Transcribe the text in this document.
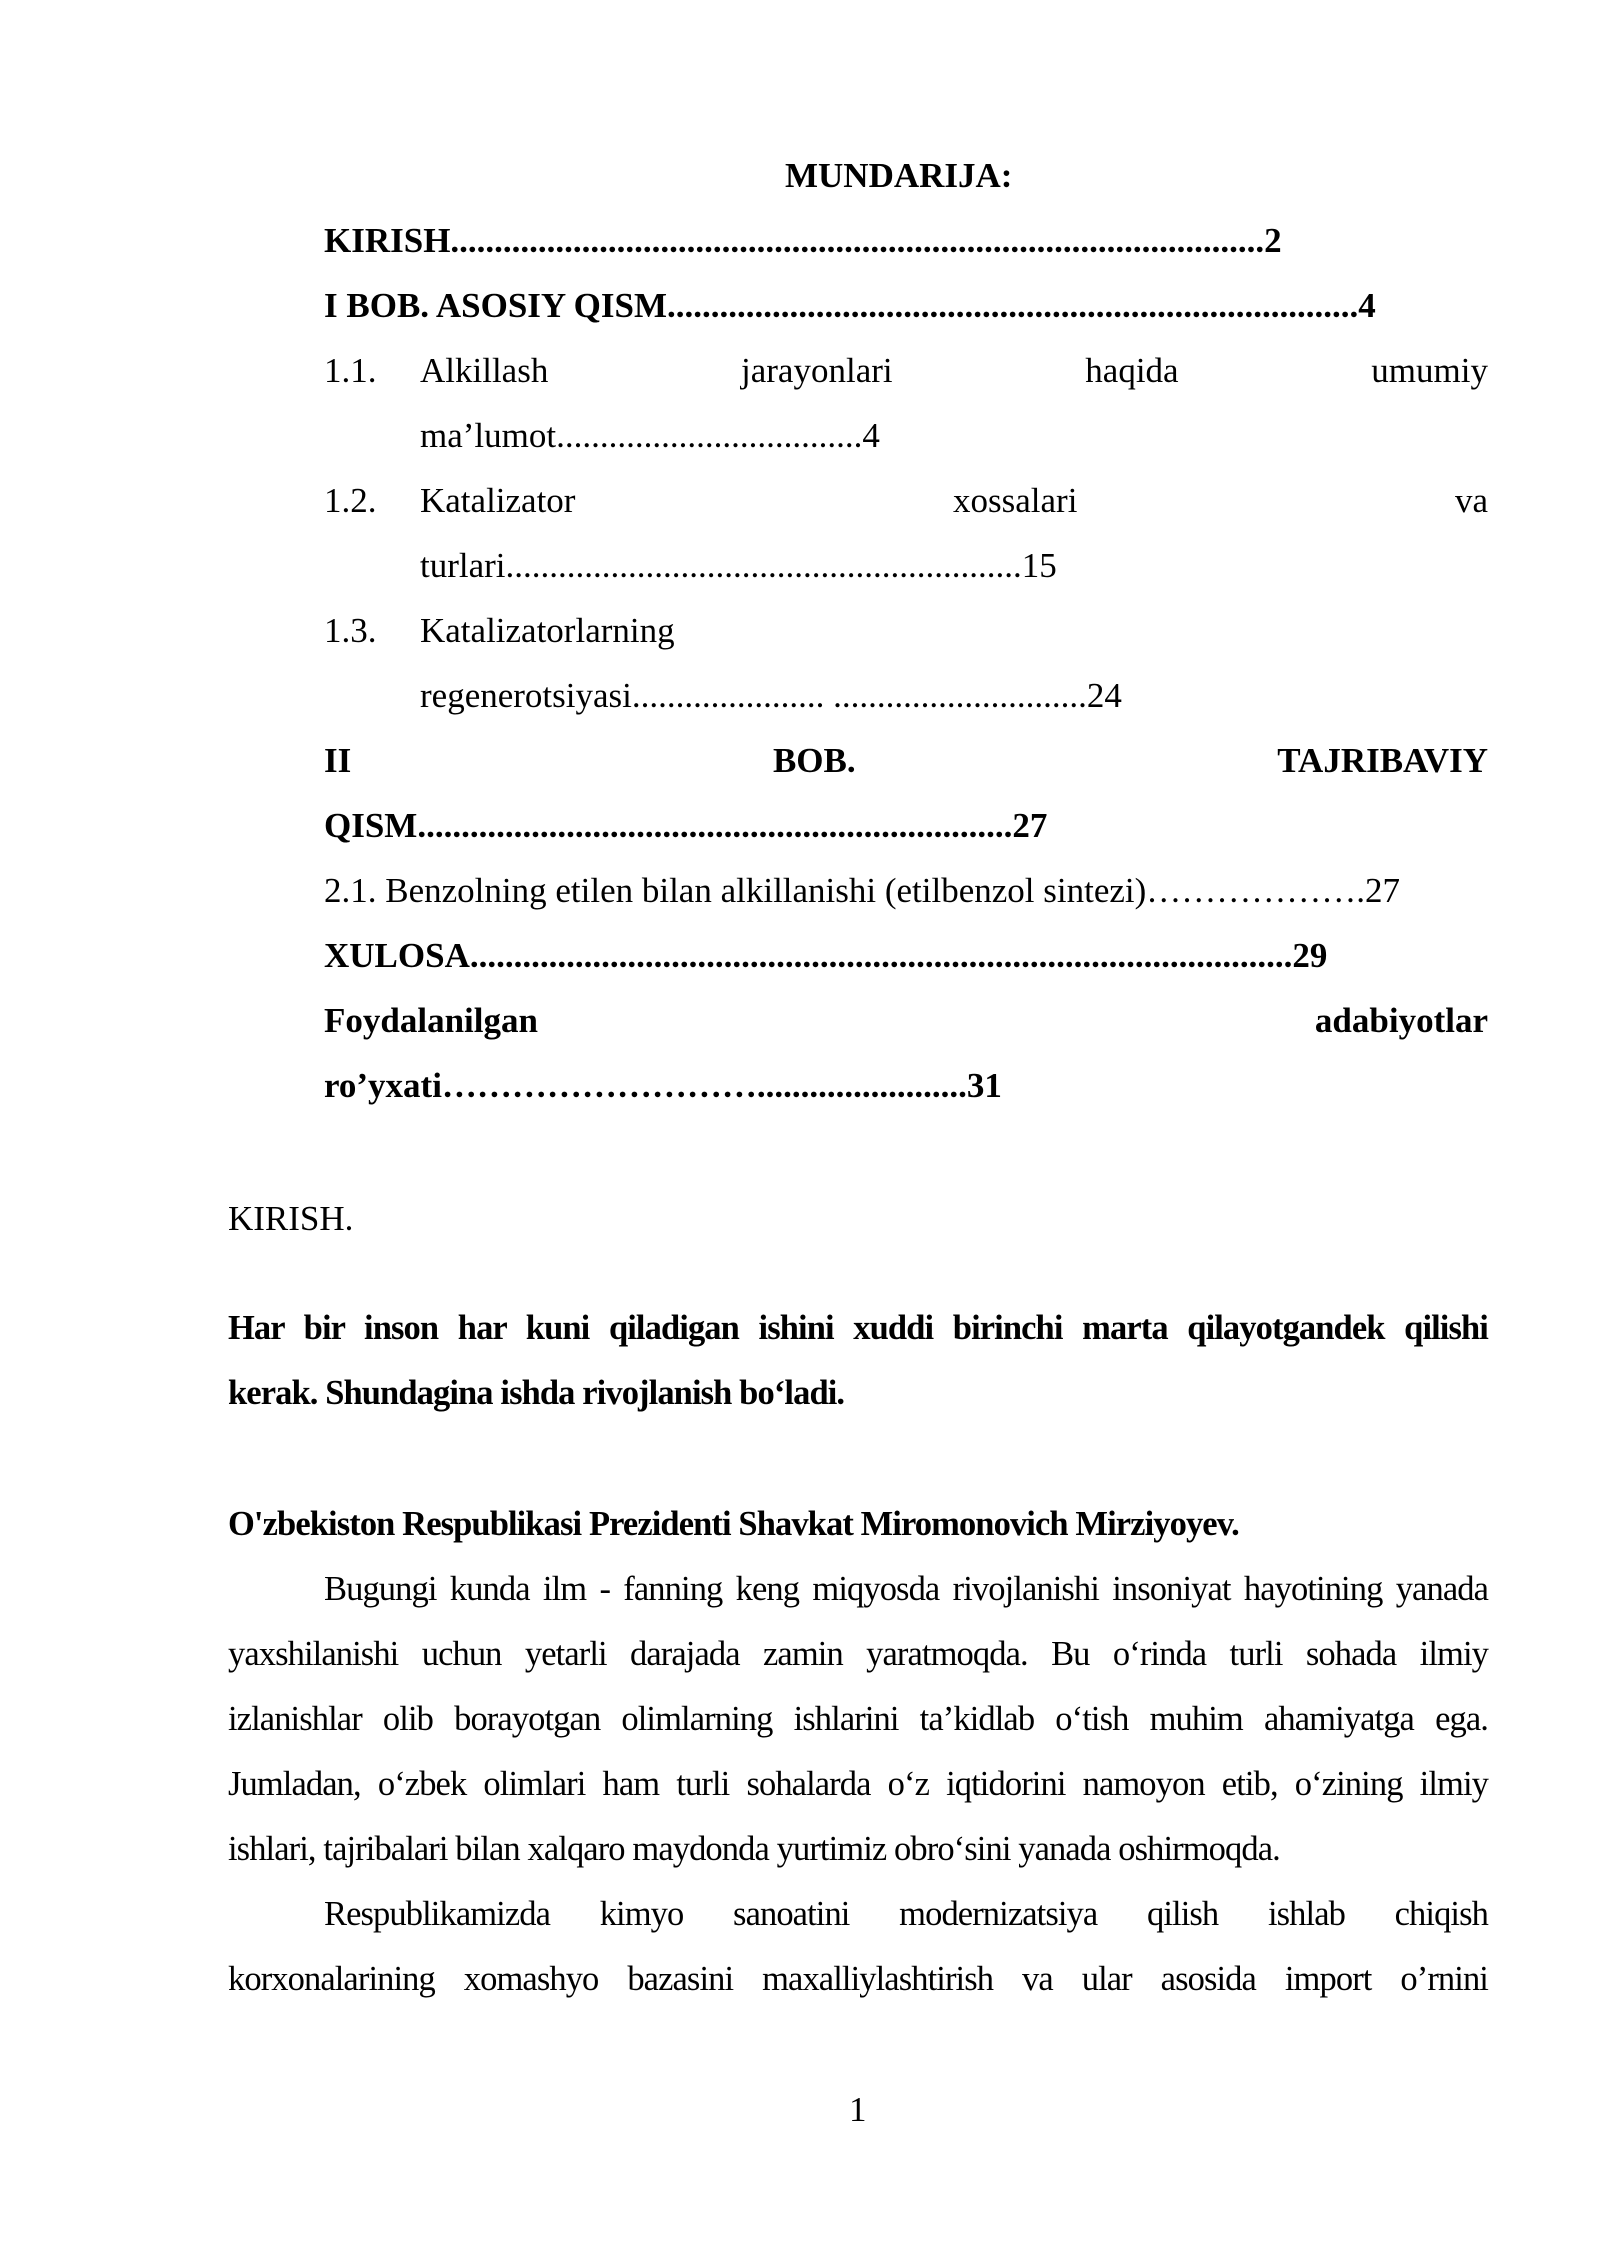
MUNDARIJA:
KIRISH.............................................................................................2
I BOB. ASOSIY QISM...............................................................................4
1.1. Alkillash	jarayonlari	haqida	umumiy
ma’lumot...................................4
1.2. Katalizator	xossalari	va
turlari...........................................................15
1.3. Katalizatorlarning
regenerotsiyasi...................... .............................24
II	BOB.	TAJRIBAVIY
QISM....................................................................27
2.1. Benzolning etilen bilan alkillanishi (etilbenzol sintezi)……………….27
XULOSA..............................................................................................29
Foydalanilgan	adabiyotlar
ro’yxati………………………........................31
KIRISH.
Har bir inson har kuni qiladigan ishini xuddi birinchi marta qilayotgandek qilishi
kerak. Shundagina ishda rivojlanish bo‘ladi.
O'zbekiston Respublikasi Prezidenti Shavkat Miromonovich Mirziyoyev.
Bugungi kunda ilm - fanning keng miqyosda rivojlanishi insoniyat hayotining yanada
yaxshilanishi uchun yetarli darajada zamin yaratmoqda. Bu o‘rinda turli sohada ilmiy
izlanishlar olib borayotgan olimlarning ishlarini ta’kidlab o‘tish muhim ahamiyatga ega.
Jumladan, o‘zbek olimlari ham turli sohalarda o‘z iqtidorini namoyon etib, o‘zining ilmiy
ishlari, tajribalari bilan xalqaro maydonda yurtimiz obro‘sini yanada oshirmoqda.
Respublikamizda kimyo sanoatini modernizatsiya qilish ishlab chiqish
korxonalarining xomashyo bazasini maxalliylashtirish va ular asosida import o’rnini
1
